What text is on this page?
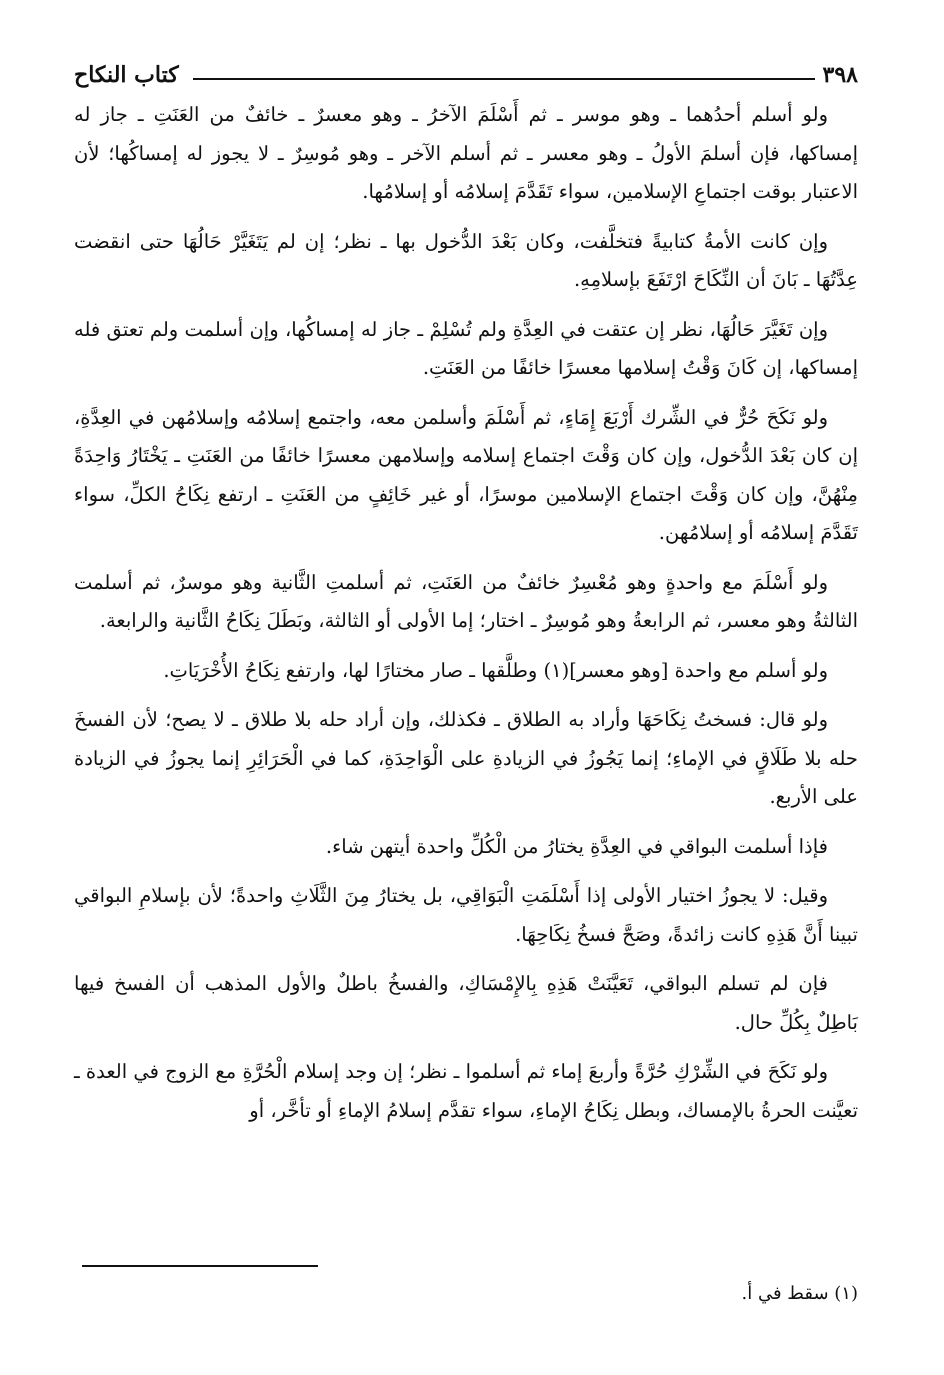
٣٩٨
كتاب النكاح

ولو أسلم أحدُهما ـ وهو موسر ـ ثم أَسْلَمَ الآخرُ ـ وهو معسرٌ ـ خائفٌ من العَنَتِ ـ جاز له إمساكها، فإن أسلمَ الأولُ ـ وهو معسر ـ ثم أسلم الآخر ـ وهو مُوسِرٌ ـ لا يجوز له إمساكُها؛ لأن الاعتبار بوقت اجتماعِ الإسلامين، سواء تَقَدَّمَ إسلامُه أو إسلامُها.

وإن كانت الأمةُ كتابيةً فتخلَّفت، وكان بَعْدَ الدُّخول بها ـ نظر؛ إن لم يَتَغَيَّرْ حَالُهَا حتى انقضت عِدَّتُهَا ـ بَانَ أن النِّكَاحَ ارْتَفَعَ بإسلامِهِ.

وإن تَغَيَّرَ حَالُهَا، نظر إن عتقت في العِدَّةِ ولم تُسْلِمْ ـ جاز له إمساكُها، وإن أسلمت ولم تعتق فله إمساكها، إن كَانَ وَقْتُ إسلامها معسرًا خائفًا من العَنَتِ.

ولو نَكَحَ حُرٌّ في الشِّرك أَرْبَعَ إِمَاءٍ، ثم أَسْلَمَ وأسلمن معه، واجتمع إسلامُه وإسلامُهن في العِدَّةِ، إن كان بَعْدَ الدُّخول، وإن كان وَقْتَ اجتماع إسلامه وإسلامهن معسرًا خائفًا من العَنَتِ ـ يَخْتَارُ وَاحِدَةً مِنْهُنَّ، وإن كان وَقْتَ اجتماع الإسلامين موسرًا، أو غير خَائِفٍ من العَنَتِ ـ ارتفع نِكَاحُ الكلِّ، سواء تَقَدَّمَ إسلامُه أو إسلامُهن.

ولو أَسْلَمَ مع واحدةٍ وهو مُعْسِرٌ خائفٌ من العَنَتِ، ثم أسلمتِ الثَّانية وهو موسرٌ، ثم أسلمت الثالثةُ وهو معسر، ثم الرابعةُ وهو مُوسِرٌ ـ اختار؛ إما الأولى أو الثالثة، وبَطَلَ نِكَاحُ الثَّانية والرابعة.

ولو أسلم مع واحدة [وهو معسر](١) وطلَّقها ـ صار مختارًا لها، وارتفع نِكَاحُ الأُخْرَيَاتِ.

ولو قال: فسختُ نِكَاحَهَا وأراد به الطلاق ـ فكذلك، وإن أراد حله بلا طلاق ـ لا يصح؛ لأن الفسخَ حله بلا طَلَاقٍ في الإماءِ؛ إنما يَجُوزُ في الزيادةِ على الْوَاحِدَةِ، كما في الْحَرَائِرِ إنما يجوزُ في الزيادة على الأربع.

فإذا أسلمت البواقي في العِدَّةِ يختارُ من الْكُلِّ واحدة أيتهن شاء.

وقيل: لا يجوزُ اختيار الأولى إذا أَسْلَمَتِ الْبَوَاقِي، بل يختارُ مِنَ الثَّلَاثِ واحدةً؛ لأن بإسلامِ البواقي تبينا أَنَّ هَذِهِ كانت زائدةً، وصَحَّ فسخُ نِكَاحِهَا.

فإن لم تسلم البواقي، تَعَيَّنَتْ هَذِهِ بِالإِمْسَاكِ، والفسخُ باطلٌ والأول المذهب أن الفسخ فيها بَاطِلٌ بِكُلِّ حال.

ولو نَكَحَ في الشِّرْكِ حُرَّةً وأربعَ إماء ثم أسلموا ـ نظر؛ إن وجد إسلام الْحُرَّةِ مع الزوج في العدة ـ تعيَّنت الحرةُ بالإمساك، وبطل نِكَاحُ الإماءِ، سواء تقدَّم إسلامُ الإماءِ أو تأخَّر، أو

(١) سقط في أ.
